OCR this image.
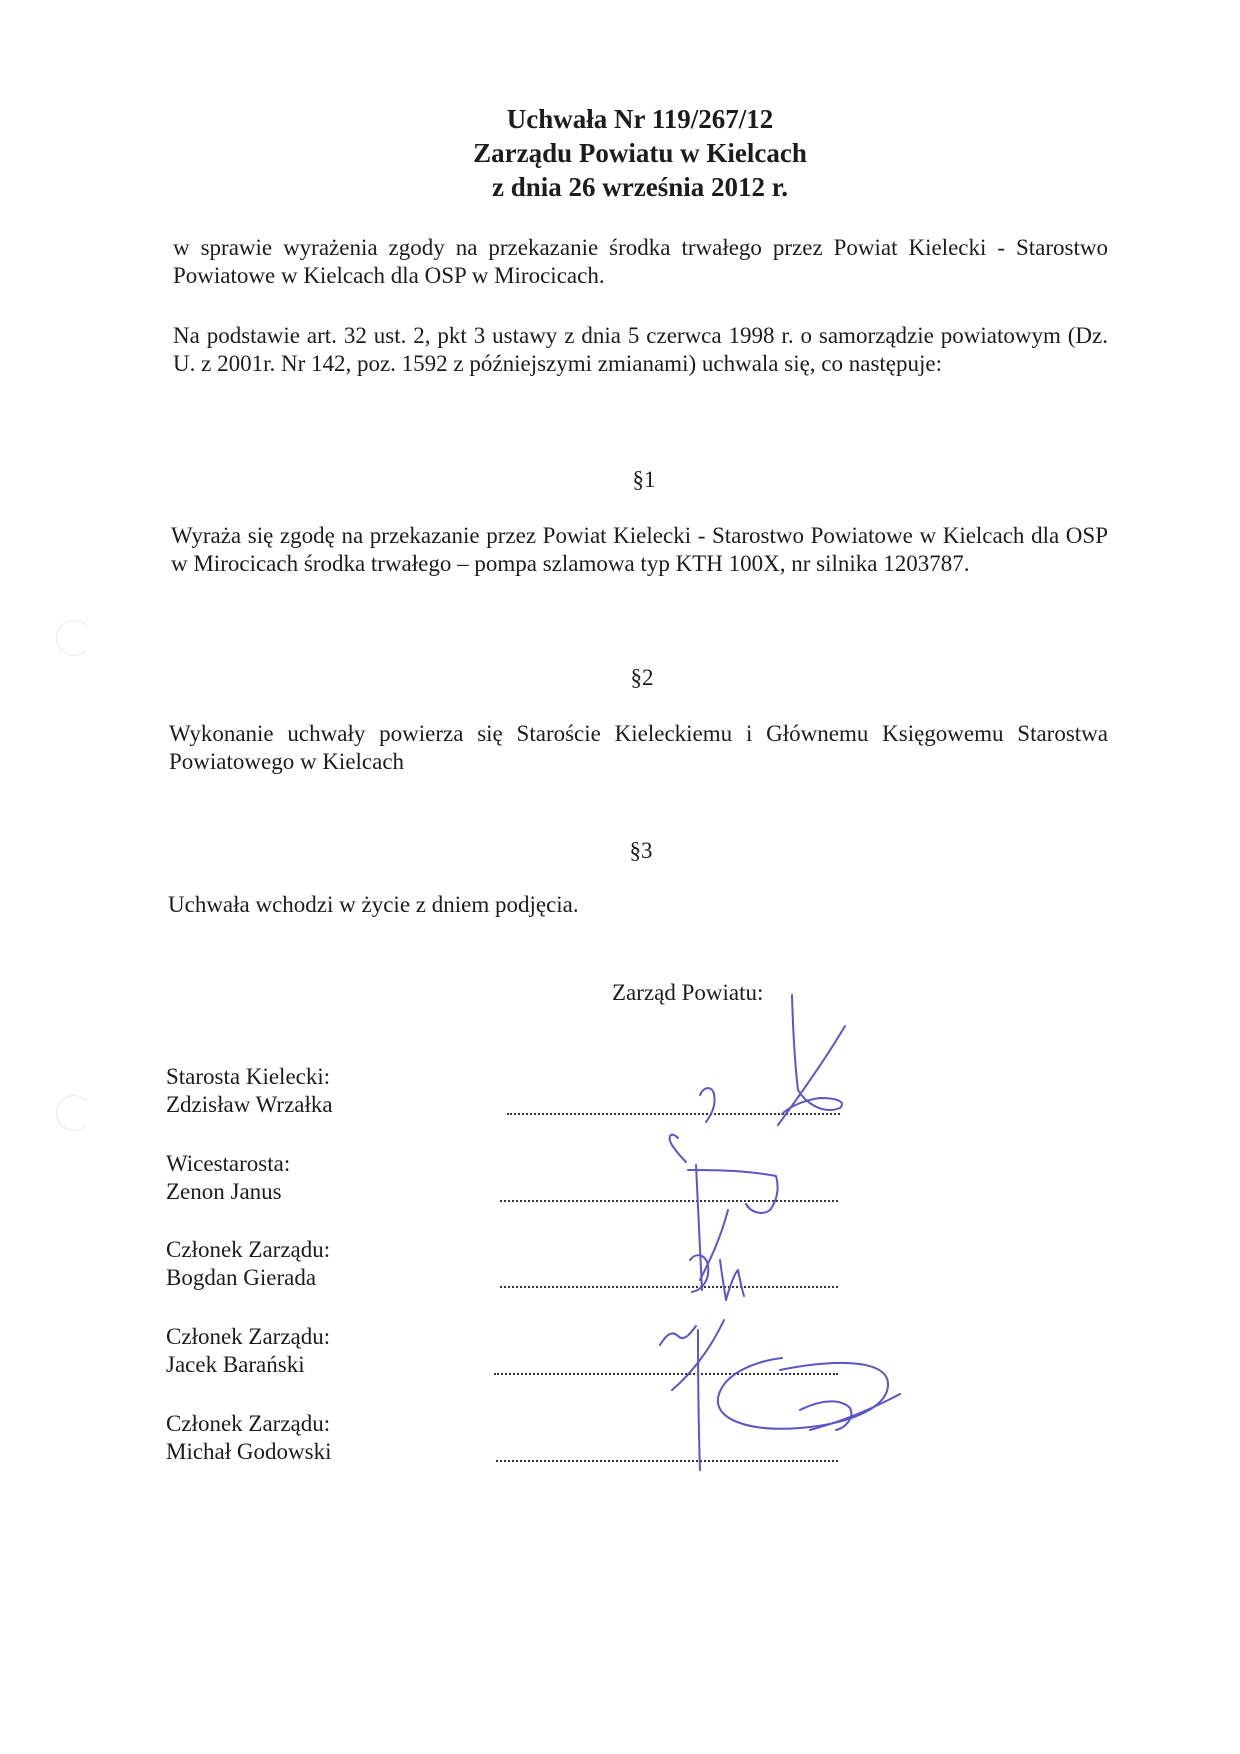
Uchwała Nr 119/267/12
Zarządu Powiatu w Kielcach
z dnia 26 września 2012 r.

w sprawie wyrażenia zgody na przekazanie środka trwałego przez Powiat Kielecki - Starostwo Powiatowe w Kielcach dla OSP w Mirocicach.

Na podstawie art. 32 ust. 2, pkt 3 ustawy z dnia 5 czerwca 1998 r. o samorządzie powiatowym (Dz. U. z 2001r. Nr 142, poz. 1592 z późniejszymi zmianami) uchwala się, co następuje:

§1

Wyraża się zgodę na przekazanie przez Powiat Kielecki - Starostwo Powiatowe w Kielcach dla OSP w Mirocicach środka trwałego – pompa szlamowa typ KTH 100X, nr silnika 1203787.

§2

Wykonanie uchwały powierza się Staroście Kieleckiemu i Głównemu Księgowemu Starostwa Powiatowego w Kielcach

§3

Uchwała wchodzi w życie z dniem podjęcia.

Zarząd Powiatu:

Starosta Kielecki:
Zdzisław Wrzałka
Wicestarosta:
Zenon Janus
Członek Zarządu:
Bogdan Gierada
Członek Zarządu:
Jacek Barański
Członek Zarządu:
Michał Godowski
